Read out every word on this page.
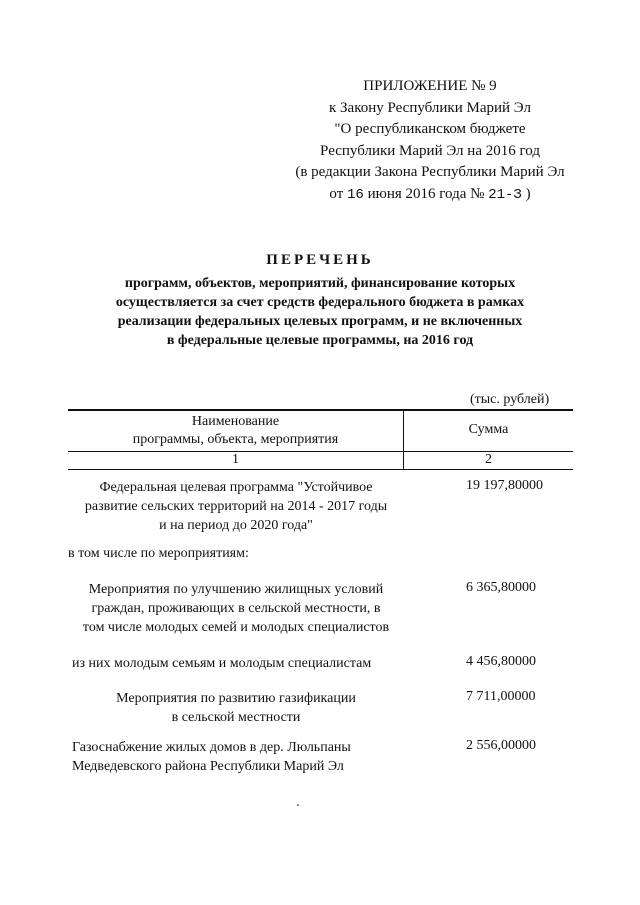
ПРИЛОЖЕНИЕ № 9
к Закону Республики Марий Эл
"О республиканском бюджете
Республики Марий Эл на 2016 год
(в редакции Закона Республики Марий Эл
от 16 июня 2016 года № 21-З )
ПЕРЕЧЕНЬ
программ, объектов, мероприятий, финансирование которых
осуществляется за счет средств федерального бюджета в рамках
реализации федеральных целевых программ, и не включенных
в федеральные целевые программы, на 2016 год
(тыс. рублей)
Наименование
программы, объекта, мероприятия
Сумма
1	2
Федеральная целевая программа "Устойчивое
развитие сельских территорий на 2014 - 2017 годы
и на период до 2020 года"
19 197,80000
в том числе по мероприятиям:
Мероприятия по улучшению жилищных условий
граждан, проживающих в сельской местности, в
том числе молодых семей и молодых специалистов
6 365,80000
из них молодым семьям и молодым специалистам	4 456,80000
Мероприятия по развитию газификации
в сельской местности
7 711,00000
Газоснабжение жилых домов в дер. Люльпаны
Медведевского района Республики Марий Эл
2 556,00000
